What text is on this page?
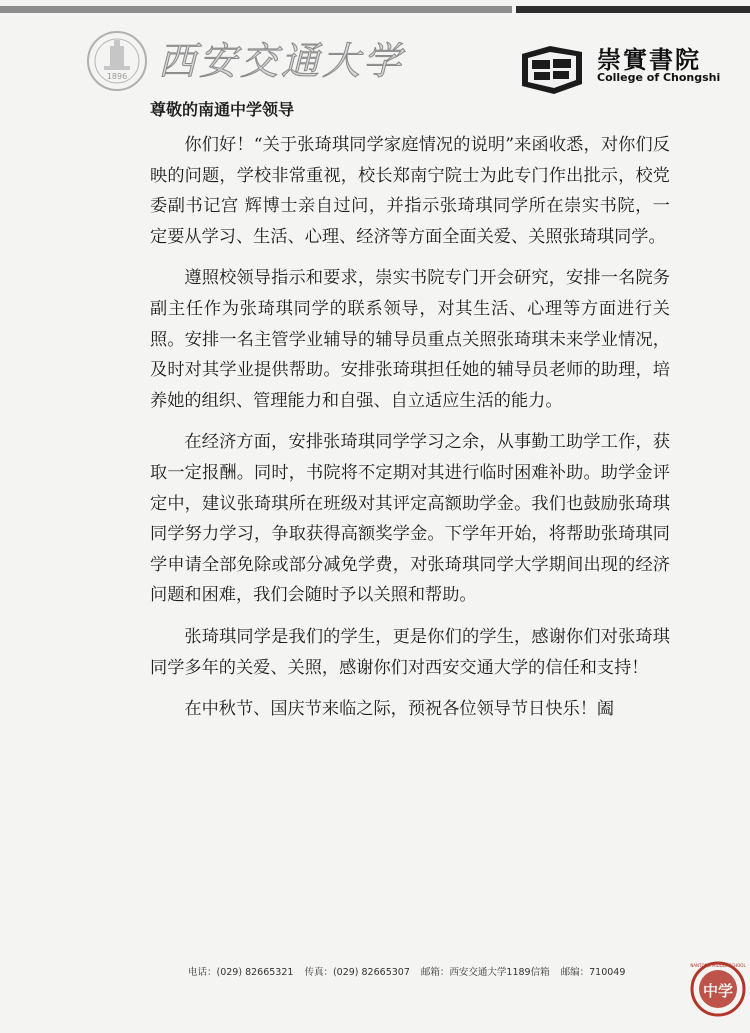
1896 西安交通大学	崇實書院
College of Chongshi
尊敬的南通中学领导

你们好！“关于张琦琪同学家庭情况的说明”来函收悉，对你们反映的问题，学校非常重视，校长郑南宁院士为此专门作出批示，校党委副书记宫 辉博士亲自过问，并指示张琦琪同学所在崇实书院，一定要从学习、生活、心理、经济等方面全面关爱、关照张琦琪同学。

遵照校领导指示和要求，崇实书院专门开会研究，安排一名院务副主任作为张琦琪同学的联系领导，对其生活、心理等方面进行关照。安排一名主管学业辅导的辅导员重点关照张琦琪未来学业情况，及时对其学业提供帮助。安排张琦琪担任她的辅导员老师的助理，培养她的组织、管理能力和自强、自立适应生活的能力。

在经济方面，安排张琦琪同学学习之余，从事勤工助学工作，获取一定报酬。同时，书院将不定期对其进行临时困难补助。助学金评定中，建议张琦琪所在班级对其评定高额助学金。我们也鼓励张琦琪同学努力学习，争取获得高额奖学金。下学年开始，将帮助张琦琪同学申请全部免除或部分减免学费，对张琦琪同学大学期间出现的经济问题和困难，我们会随时予以关照和帮助。

张琦琪同学是我们的学生，更是你们的学生，感谢你们对张琦琪同学多年的关爱、关照，感谢你们对西安交通大学的信任和支持！

在中秋节、国庆节来临之际，预祝各位领导节日快乐！阖

电话：(029) 82665321 传真：(029) 82665307 邮箱：西安交通大学1189信箱 邮编：710049
中学
NANTONG MIDDLE SCHOOL
